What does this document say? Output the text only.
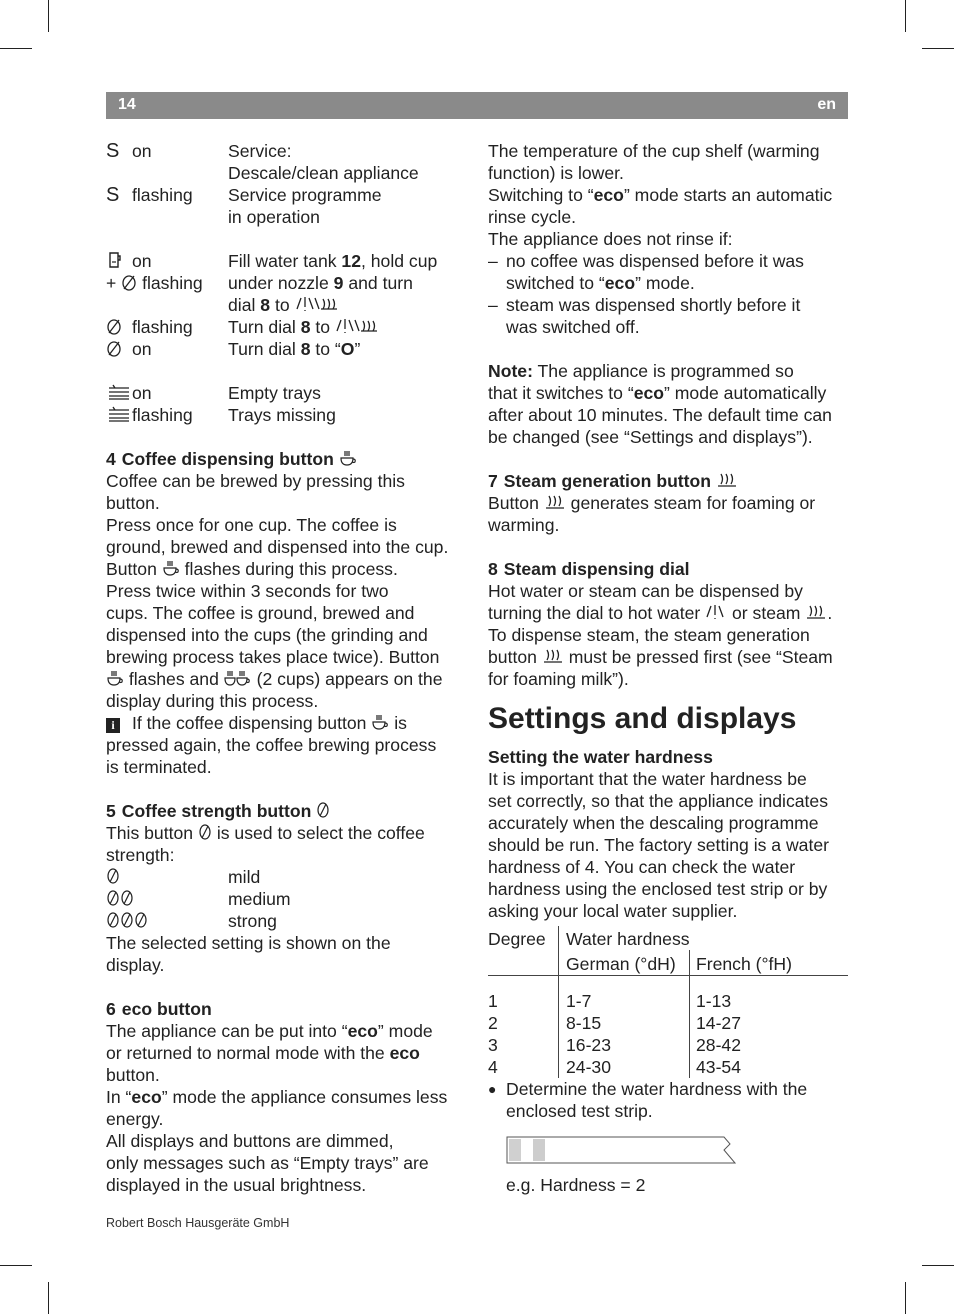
14	en
S on	Service:
Descale/clean appliance
S flashing	Service programme
in operation
on	Fill water tank 12, hold cup
+ flashing	under nozzle 9 and turn
dial 8 to
flashing	Turn dial 8 to
on	Turn dial 8 to “O”
on	Empty trays
flashing	Trays missing
4 Coffee dispensing button
Coffee can be brewed by pressing this
button.
Press once for one cup. The coffee is
ground, brewed and dispensed into the cup.
Button  flashes during this process.
Press twice within 3 seconds for two
cups. The coffee is ground, brewed and
dispensed into the cups (the grinding and
brewing process takes place twice). Button
flashes and  (2 cups) appears on the
display during this process.
i If the coffee dispensing button  is
pressed again, the coffee brewing process
is terminated.
5 Coffee strength button
This button  is used to select the coffee
strength:
mild
medium
strong
The selected setting is shown on the
display.
6 eco button
The appliance can be put into “eco” mode
or returned to normal mode with the eco
button.
In “eco” mode the appliance consumes less
energy.
All displays and buttons are dimmed,
only messages such as “Empty trays” are
displayed in the usual brightness.
The temperature of the cup shelf (warming
function) is lower.
Switching to “eco” mode starts an automatic
rinse cycle.
The appliance does not rinse if:
– no coffee was dispensed before it was
switched to “eco” mode.
– steam was dispensed shortly before it
was switched off.
Note: The appliance is programmed so
that it switches to “eco” mode automatically
after about 10 minutes. The default time can
be changed (see “Settings and displays”).
7 Steam generation button
Button  generates steam for foaming or
warming.
8 Steam dispensing dial
Hot water or steam can be dispensed by
turning the dial to hot water  or steam .
To dispense steam, the steam generation
button  must be pressed first (see “Steam
for foaming milk”).
Settings and displays
Setting the water hardness
It is important that the water hardness be
set correctly, so that the appliance indicates
accurately when the descaling programme
should be run. The factory setting is a water
hardness of 4. You can check the water
hardness using the enclosed test strip or by
asking your local water supplier.
Degree	Water hardness	
	German (°dH)	French (°fH)

1	1-7	1-13
2	8-15	14-27
3	16-23	28-42
4	24-30	43-54
● Determine the water hardness with the
enclosed test strip.
e.g. Hardness = 2
Robert Bosch Hausgeräte GmbH
